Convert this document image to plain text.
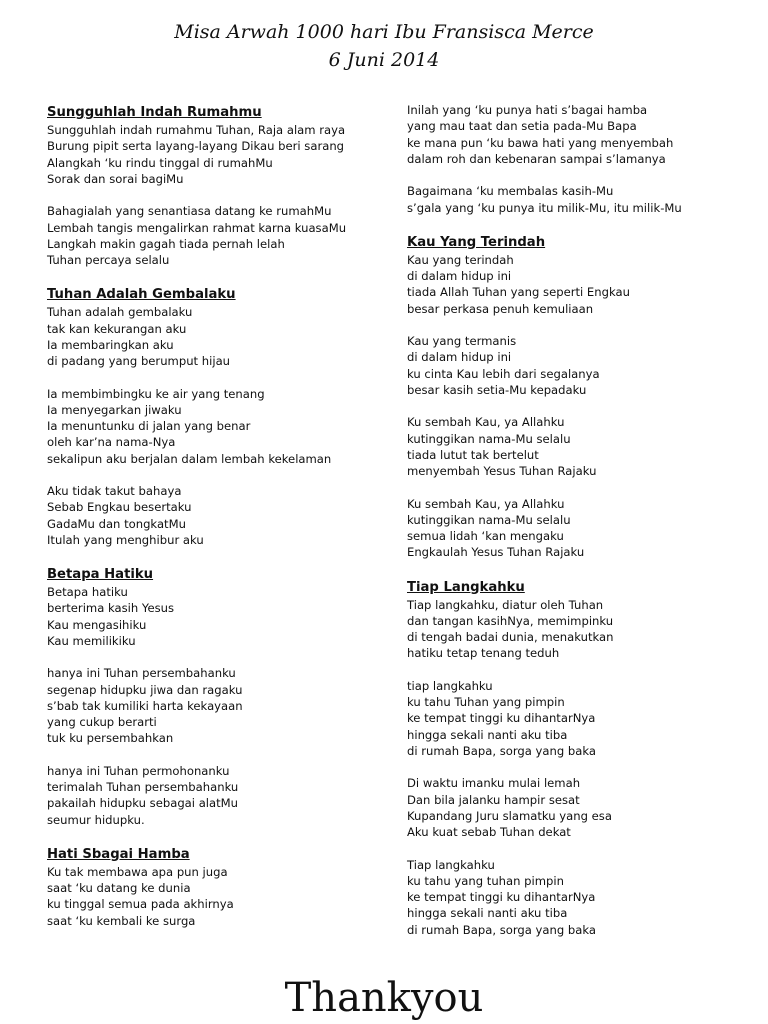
Misa Arwah 1000 hari Ibu Fransisca Merce
6 Juni 2014
Sungguhlah Indah Rumahmu
Sungguhlah indah rumahmu Tuhan, Raja alam raya
Burung pipit serta layang-layang Dikau beri sarang
Alangkah ‘ku rindu tinggal di rumahMu
Sorak dan sorai bagiMu
Bahagialah yang senantiasa datang ke rumahMu
Lembah tangis mengalirkan rahmat karna kuasaMu
Langkah makin gagah tiada pernah lelah
Tuhan percaya selalu
Tuhan Adalah Gembalaku
Tuhan adalah gembalaku
tak kan kekurangan aku
Ia membaringkan aku
di padang yang berumput hijau
Ia membimbingku ke air yang tenang
Ia menyegarkan jiwaku
Ia menuntunku di jalan yang benar
oleh kar’na nama-Nya
sekalipun aku berjalan dalam lembah kekelaman
Aku tidak takut bahaya
Sebab Engkau besertaku
GadaMu dan tongkatMu
Itulah yang menghibur aku
Betapa Hatiku
Betapa hatiku
berterima kasih Yesus
Kau mengasihiku
Kau memilikiku
hanya ini Tuhan persembahanku
segenap hidupku jiwa dan ragaku
s’bab tak kumiliki harta kekayaan
yang cukup berarti
tuk ku persembahkan
hanya ini Tuhan permohonanku
terimalah Tuhan persembahanku
pakailah hidupku sebagai alatMu
seumur hidupku.
Hati Sbagai Hamba
Ku tak membawa apa pun juga
saat ‘ku datang ke dunia
ku tinggal semua pada akhirnya
saat ‘ku kembali ke surga
Inilah yang ‘ku punya hati s’bagai hamba
yang mau taat dan setia pada-Mu Bapa
ke mana pun ‘ku bawa hati yang menyembah
dalam roh dan kebenaran sampai s’lamanya
Bagaimana ‘ku membalas kasih-Mu
s’gala yang ‘ku punya itu milik-Mu, itu milik-Mu
Kau Yang Terindah
Kau yang terindah
di dalam hidup ini
tiada Allah Tuhan yang seperti Engkau
besar perkasa penuh kemuliaan
Kau yang termanis
di dalam hidup ini
ku cinta Kau lebih dari segalanya
besar kasih setia-Mu kepadaku
Ku sembah Kau, ya Allahku
kutinggikan nama-Mu selalu
tiada lutut tak bertelut
menyembah Yesus Tuhan Rajaku
Ku sembah Kau, ya Allahku
kutinggikan nama-Mu selalu
semua lidah ‘kan mengaku
Engkaulah Yesus Tuhan Rajaku
Tiap Langkahku
Tiap langkahku, diatur oleh Tuhan
dan tangan kasihNya, memimpinku
di tengah badai dunia, menakutkan
hatiku tetap tenang teduh
tiap langkahku
ku tahu Tuhan yang pimpin
ke tempat tinggi ku dihantarNya
hingga sekali nanti aku tiba
di rumah Bapa, sorga yang baka
Di waktu imanku mulai lemah
Dan bila jalanku hampir sesat
Kupandang Juru slamatku yang esa
Aku kuat sebab Tuhan dekat
Tiap langkahku
ku tahu yang tuhan pimpin
ke tempat tinggi ku dihantarNya
hingga sekali nanti aku tiba
di rumah Bapa, sorga yang baka
Thankyou
